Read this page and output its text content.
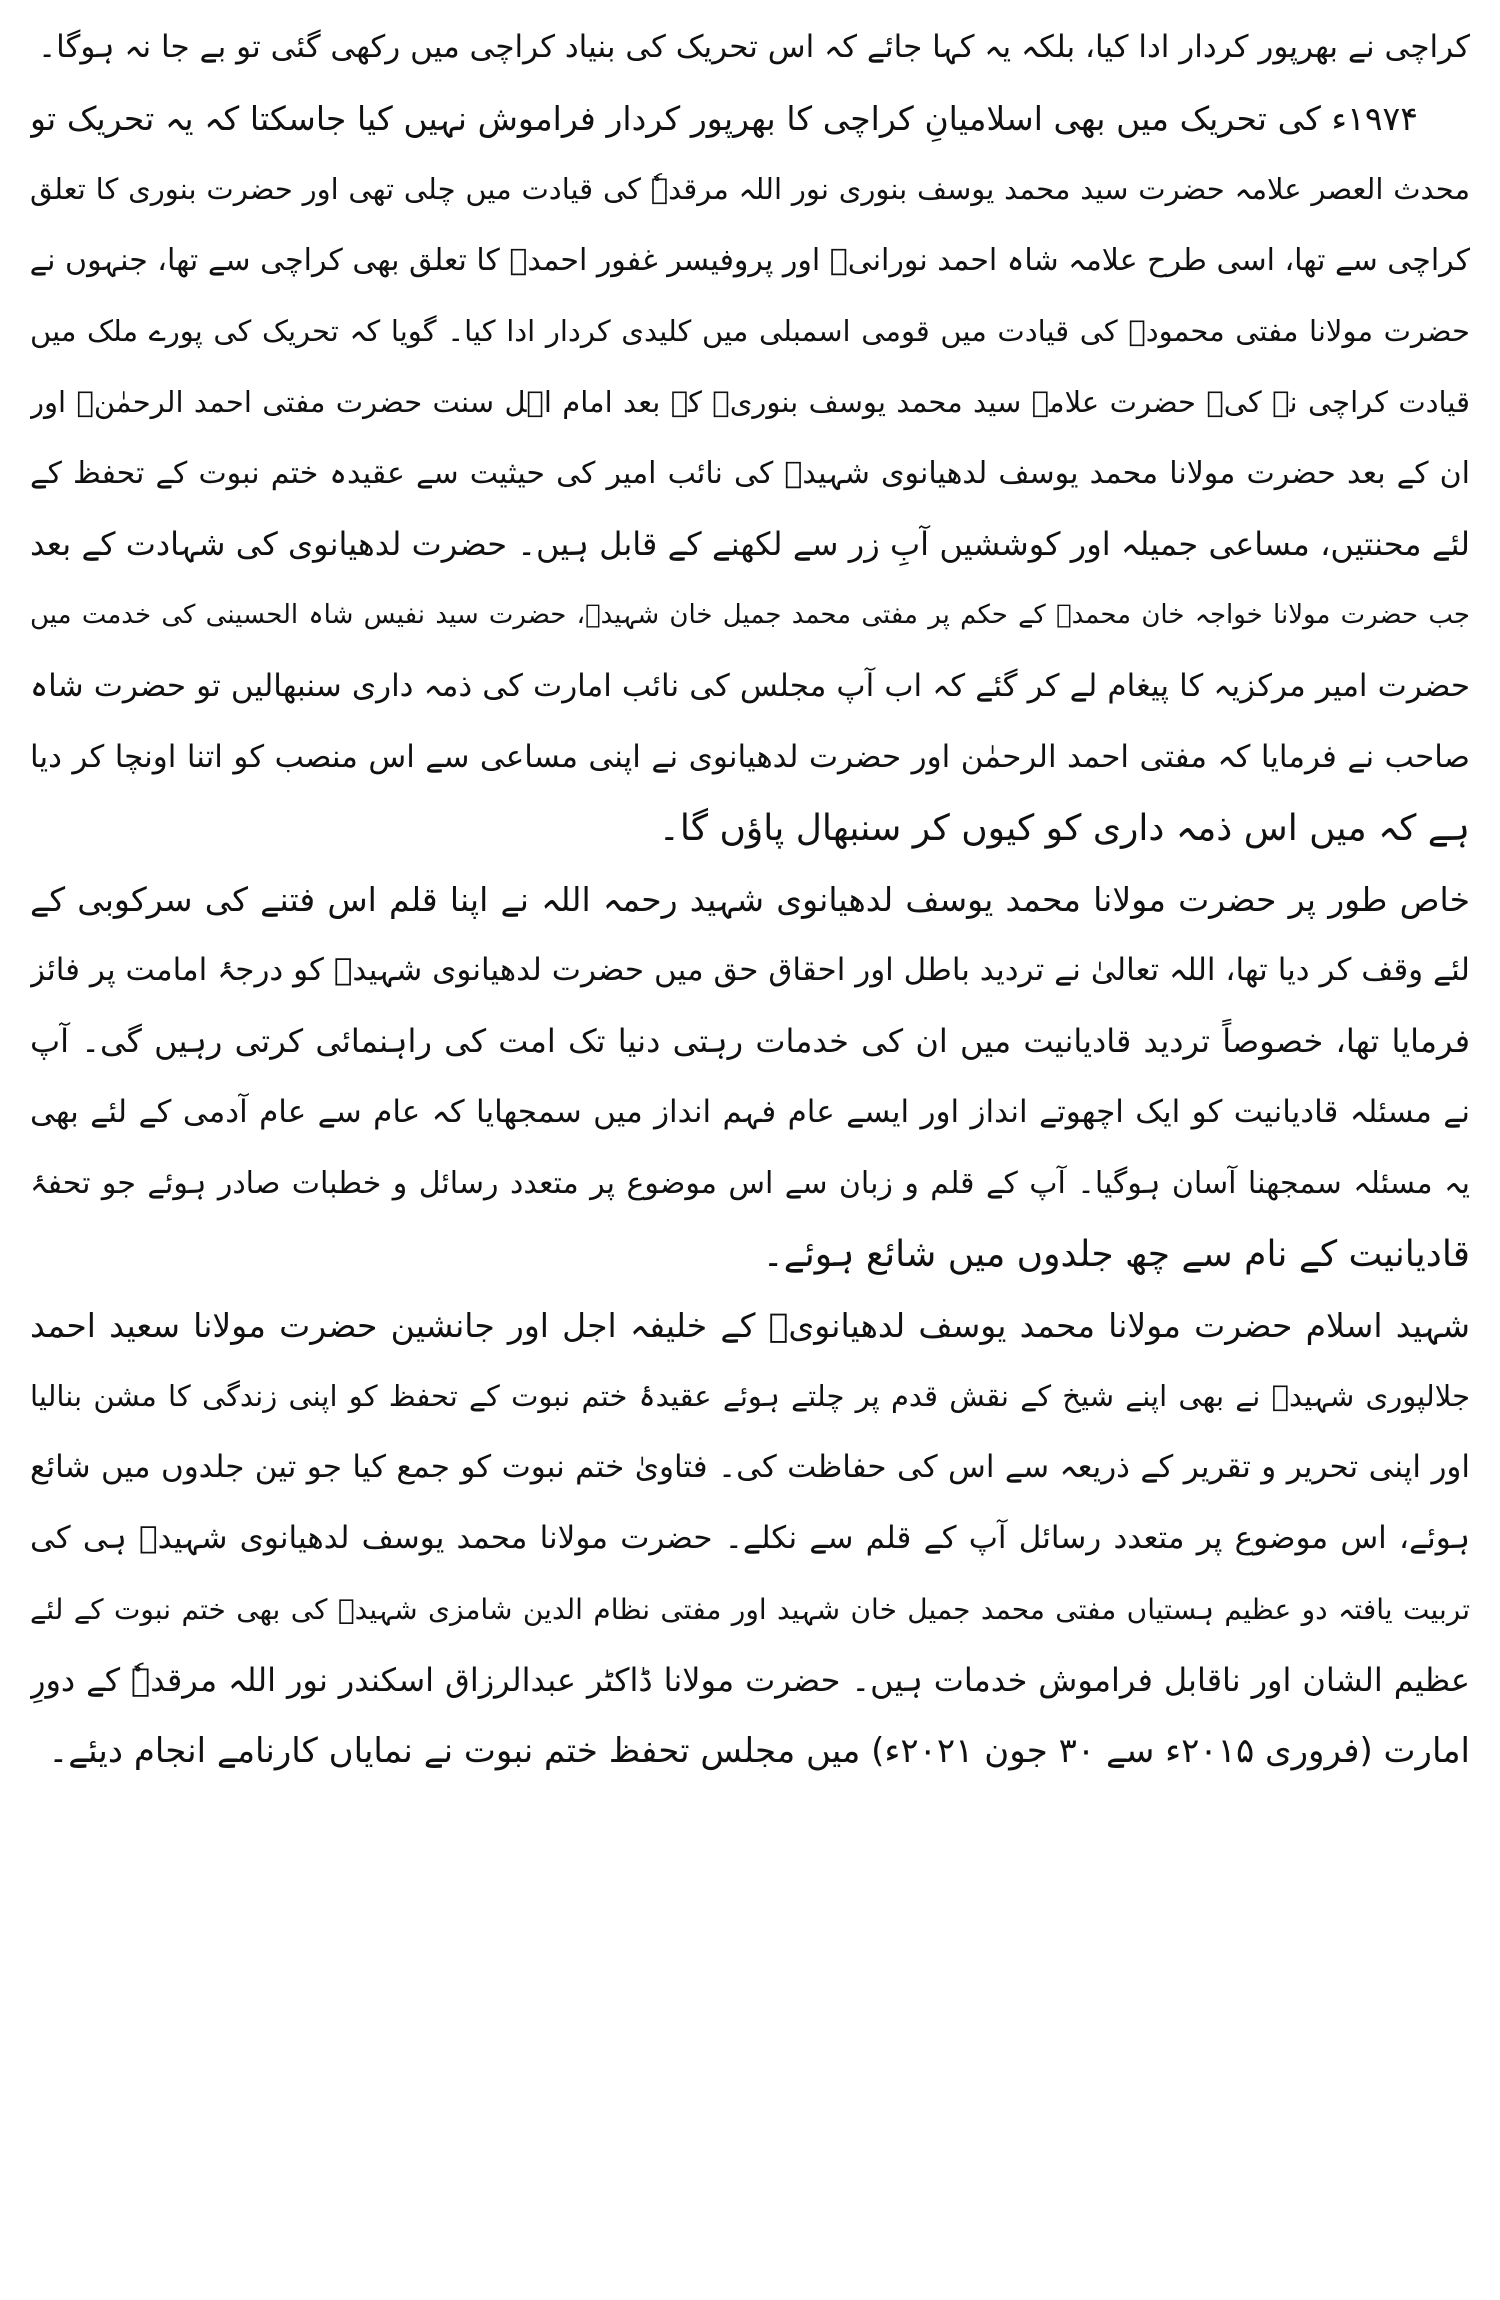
کراچی نے بھرپور کردار ادا کیا، بلکہ یہ کہا جائے کہ اس تحریک کی بنیاد کراچی میں رکھی گئی تو بے جا نہ ہوگا۔
۱۹۷۴ء کی تحریک میں بھی اسلامیانِ کراچی کا بھرپور کردار فراموش نہیں کیا جاسکتا کہ یہ تحریک تو
محدث العصر علامہ حضرت سید محمد یوسف بنوری نور اللہ مرقدہٗ کی قیادت میں چلی تھی اور حضرت بنوری کا تعلق
کراچی سے تھا، اسی طرح علامہ شاہ احمد نورانیؒ اور پروفیسر غفور احمدؒ کا تعلق بھی کراچی سے تھا، جنہوں نے
حضرت مولانا مفتی محمودؒ کی قیادت میں قومی اسمبلی میں کلیدی کردار ادا کیا۔ گویا کہ تحریک کی پورے ملک میں
قیادت کراچی نے کی۔ حضرت علامہ سید محمد یوسف بنوریؒ کے بعد امام اہل سنت حضرت مفتی احمد الرحمٰنؒ اور
ان کے بعد حضرت مولانا محمد یوسف لدھیانوی شہیدؒ کی نائب امیر کی حیثیت سے عقیدہ ختم نبوت کے تحفظ کے
لئے محنتیں، مساعی جمیلہ اور کوششیں آبِ زر سے لکھنے کے قابل ہیں۔ حضرت لدھیانوی کی شہادت کے بعد
جب حضرت مولانا خواجہ خان محمدؒ کے حکم پر مفتی محمد جمیل خان شہیدؒ، حضرت سید نفیس شاہ الحسینی کی خدمت میں
حضرت امیر مرکزیہ کا پیغام لے کر گئے کہ اب آپ مجلس کی نائب امارت کی ذمہ داری سنبھالیں تو حضرت شاہ
صاحب نے فرمایا کہ مفتی احمد الرحمٰن اور حضرت لدھیانوی نے اپنی مساعی سے اس منصب کو اتنا اونچا کر دیا
ہے کہ میں اس ذمہ داری کو کیوں کر سنبھال پاؤں گا۔
خاص طور پر حضرت مولانا محمد یوسف لدھیانوی شہید رحمہ اللہ نے اپنا قلم اس فتنے کی سرکوبی کے
لئے وقف کر دیا تھا، اللہ تعالیٰ نے تردید باطل اور احقاق حق میں حضرت لدھیانوی شہیدؒ کو درجۂ امامت پر فائز
فرمایا تھا، خصوصاً تردید قادیانیت میں ان کی خدمات رہتی دنیا تک امت کی راہنمائی کرتی رہیں گی۔ آپ
نے مسئلہ قادیانیت کو ایک اچھوتے انداز اور ایسے عام فہم انداز میں سمجھایا کہ عام سے عام آدمی کے لئے بھی
یہ مسئلہ سمجھنا آسان ہوگیا۔ آپ کے قلم و زبان سے اس موضوع پر متعدد رسائل و خطبات صادر ہوئے جو تحفۂ
قادیانیت کے نام سے چھ جلدوں میں شائع ہوئے۔
شہید اسلام حضرت مولانا محمد یوسف لدھیانویؒ کے خلیفہ اجل اور جانشین حضرت مولانا سعید احمد
جلالپوری شہیدؒ نے بھی اپنے شیخ کے نقش قدم پر چلتے ہوئے عقیدۂ ختم نبوت کے تحفظ کو اپنی زندگی کا مشن بنالیا
اور اپنی تحریر و تقریر کے ذریعہ سے اس کی حفاظت کی۔ فتاویٰ ختم نبوت کو جمع کیا جو تین جلدوں میں شائع
ہوئے، اس موضوع پر متعدد رسائل آپ کے قلم سے نکلے۔ حضرت مولانا محمد یوسف لدھیانوی شہیدؒ ہی کی
تربیت یافتہ دو عظیم ہستیاں مفتی محمد جمیل خان شہید اور مفتی نظام الدین شامزی شہیدؒ کی بھی ختم نبوت کے لئے
عظیم الشان اور ناقابل فراموش خدمات ہیں۔ حضرت مولانا ڈاکٹر عبدالرزاق اسکندر نور اللہ مرقدہٗ کے دورِ
امارت (فروری ۲۰۱۵ء سے ۳۰ جون ۲۰۲۱ء) میں مجلس تحفظ ختم نبوت نے نمایاں کارنامے انجام دیئے۔
